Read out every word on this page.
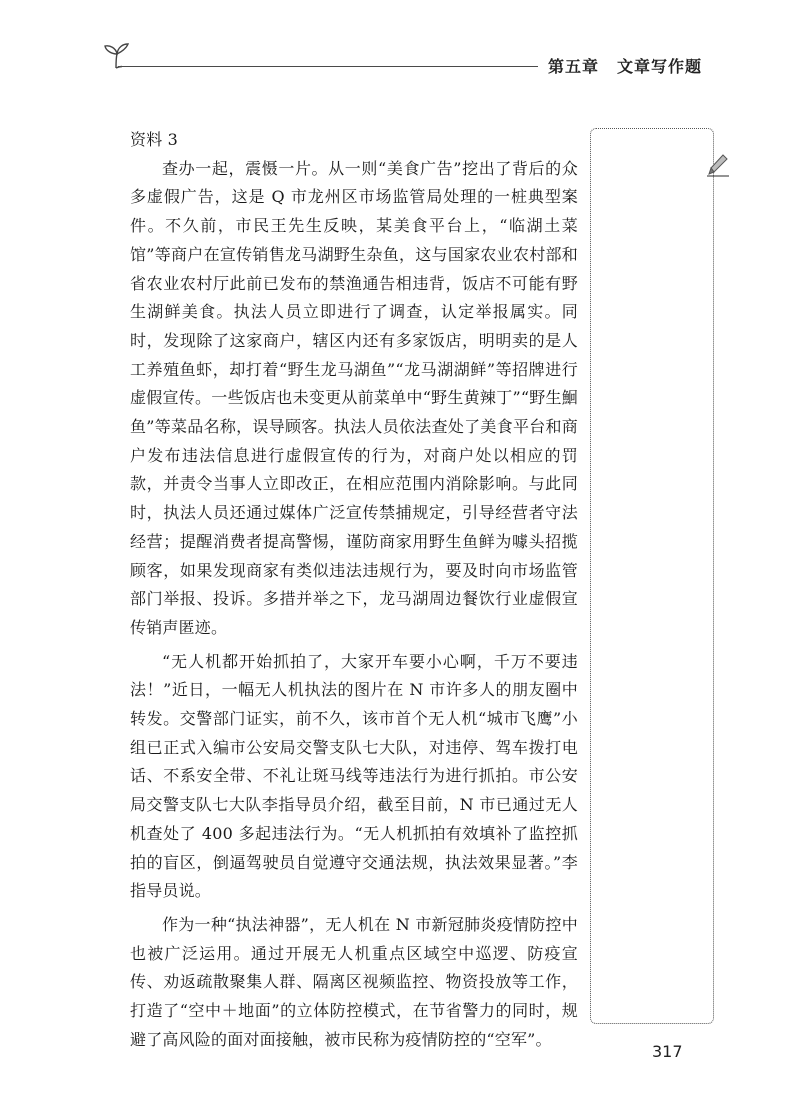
第五章 文章写作题
资料 3

查办一起，震慑一片。从一则“美食广告”挖出了背后的众多虚假广告，这是 Q 市龙州区市场监管局处理的一桩典型案件。不久前，市民王先生反映，某美食平台上，“临湖土菜馆”等商户在宣传销售龙马湖野生杂鱼，这与国家农业农村部和省农业农村厅此前已发布的禁渔通告相违背，饭店不可能有野生湖鲜美食。执法人员立即进行了调查，认定举报属实。同时，发现除了这家商户，辖区内还有多家饭店，明明卖的是人工养殖鱼虾，却打着“野生龙马湖鱼”“龙马湖湖鲜”等招牌进行虚假宣传。一些饭店也未变更从前菜单中“野生黄辣丁”“野生鮰鱼”等菜品名称，误导顾客。执法人员依法查处了美食平台和商户发布违法信息进行虚假宣传的行为，对商户处以相应的罚款，并责令当事人立即改正，在相应范围内消除影响。与此同时，执法人员还通过媒体广泛宣传禁捕规定，引导经营者守法经营；提醒消费者提高警惕，谨防商家用野生鱼鲜为噱头招揽顾客，如果发现商家有类似违法违规行为，要及时向市场监管部门举报、投诉。多措并举之下，龙马湖周边餐饮行业虚假宣传销声匿迹。

“无人机都开始抓拍了，大家开车要小心啊，千万不要违法！”近日，一幅无人机执法的图片在 N 市许多人的朋友圈中转发。交警部门证实，前不久，该市首个无人机“城市飞鹰”小组已正式入编市公安局交警支队七大队，对违停、驾车拨打电话、不系安全带、不礼让斑马线等违法行为进行抓拍。市公安局交警支队七大队李指导员介绍，截至目前，N 市已通过无人机查处了 400 多起违法行为。“无人机抓拍有效填补了监控抓拍的盲区，倒逼驾驶员自觉遵守交通法规，执法效果显著。”李指导员说。

作为一种“执法神器”，无人机在 N 市新冠肺炎疫情防控中也被广泛运用。通过开展无人机重点区域空中巡逻、防疫宣传、劝返疏散聚集人群、隔离区视频监控、物资投放等工作，打造了“空中＋地面”的立体防控模式，在节省警力的同时，规避了高风险的面对面接触，被市民称为疫情防控的“空军”。

317
